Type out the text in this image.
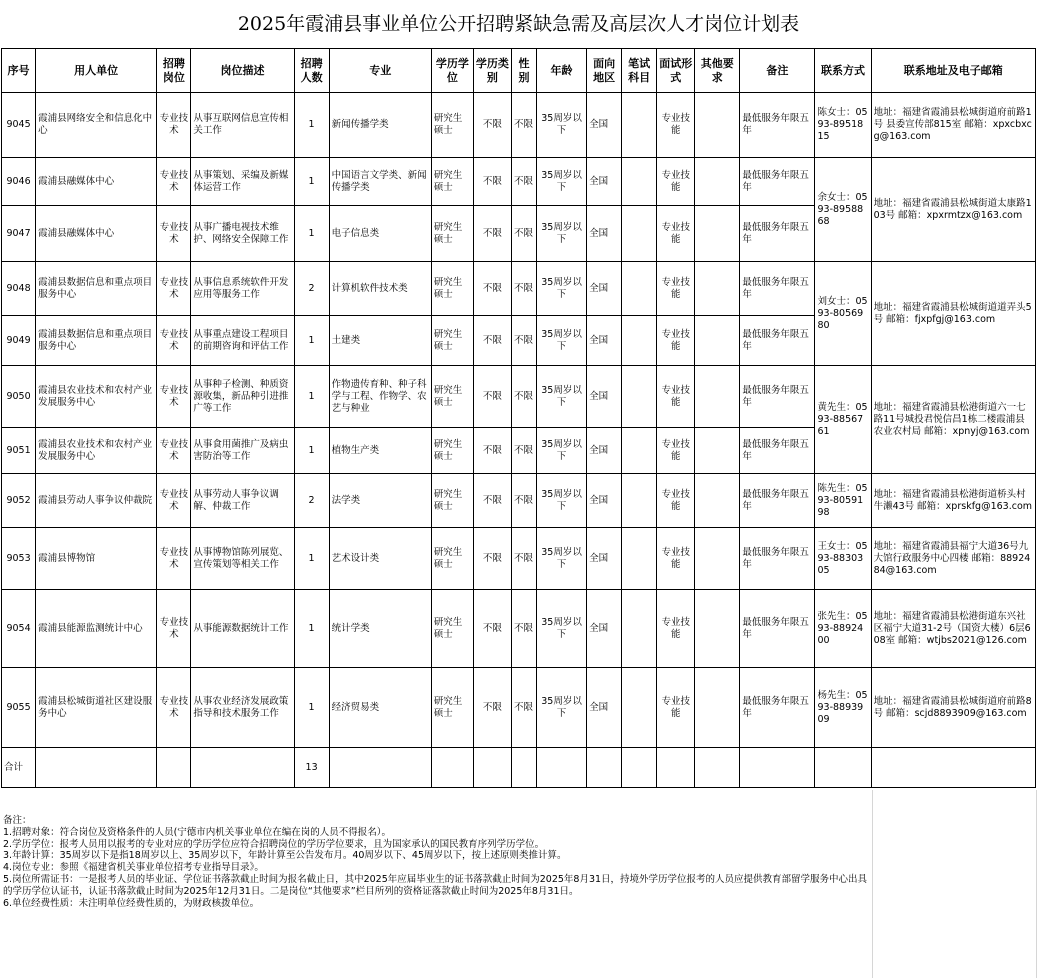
2025年霞浦县事业单位公开招聘紧缺急需及高层次人才岗位计划表
序号	用人单位	招聘岗位	岗位描述	招聘人数	专业	学历学位	学历类别	性别	年龄	面向地区	笔试科目	面试形式	其他要求	备注	联系方式	联系地址及电子邮箱
9045	霞浦县网络安全和信息化中心	专业技术	从事互联网信息宣传相关工作	1	新闻传播学类	研究生硕士	不限	不限	35周岁以下	全国		专业技能		最低服务年限五年	陈女士：0593-8951815	地址：福建省霞浦县松城街道府前路1号 县委宣传部815室 邮箱：xpxcbxcg@163.com
9046	霞浦县融媒体中心	专业技术	从事策划、采编及新媒体运营工作	1	中国语言文学类、新闻传播学类	研究生硕士	不限	不限	35周岁以下	全国		专业技能		最低服务年限五年	余女士：0593-8958868	地址：福建省霞浦县松城街道太康路103号 邮箱：xpxrmtzx@163.com
9047	霞浦县融媒体中心	专业技术	从事广播电视技术维护、网络安全保障工作	1	电子信息类	研究生硕士	不限	不限	35周岁以下	全国		专业技能		最低服务年限五年		
9048	霞浦县数据信息和重点项目服务中心	专业技术	从事信息系统软件开发应用等服务工作	2	计算机软件技术类	研究生硕士	不限	不限	35周岁以下	全国		专业技能		最低服务年限五年	刘女士：0593-8056980	地址：福建省霞浦县松城街道道弄头5号 邮箱：fjxpfgj@163.com
9049	霞浦县数据信息和重点项目服务中心	专业技术	从事重点建设工程项目的前期咨询和评估工作	1	土建类	研究生硕士	不限	不限	35周岁以下	全国		专业技能		最低服务年限五年		
9050	霞浦县农业技术和农村产业发展服务中心	专业技术	从事种子检测、种质资源收集，新品种引进推广等工作	1	作物遗传育种、种子科学与工程、作物学、农艺与种业	研究生硕士	不限	不限	35周岁以下	全国		专业技能		最低服务年限五年	黄先生：0593-8856761	地址：福建省霞浦县松港街道六一七路11号城投君悦信昌1栋二楼霞浦县农业农村局 邮箱：xpnyj@163.com
9051	霞浦县农业技术和农村产业发展服务中心	专业技术	从事食用菌推广及病虫害防治等工作	1	植物生产类	研究生硕士	不限	不限	35周岁以下	全国		专业技能		最低服务年限五年		
9052	霞浦县劳动人事争议仲裁院	专业技术	从事劳动人事争议调解、仲裁工作	2	法学类	研究生硕士	不限	不限	35周岁以下	全国		专业技能		最低服务年限五年	陈先生：0593-8059198	地址：福建省霞浦县松港街道桥头村牛濑43号 邮箱：xprskfg@163.com
9053	霞浦县博物馆	专业技术	从事博物馆陈列展览、宣传策划等相关工作	1	艺术设计类	研究生硕士	不限	不限	35周岁以下	全国		专业技能		最低服务年限五年	王女士：0593-8830305	地址：福建省霞浦县福宁大道36号九大馆行政服务中心四楼 邮箱：8892484@163.com
9054	霞浦县能源监测统计中心	专业技术	从事能源数据统计工作	1	统计学类	研究生硕士	不限	不限	35周岁以下	全国		专业技能		最低服务年限五年	张先生：0593-8892400	地址：福建省霞浦县松港街道东兴社区福宁大道31-2号（国资大楼）6层608室 邮箱：wtjbs2021@126.com
9055	霞浦县松城街道社区建设服务中心	专业技术	从事农业经济发展政策指导和技术服务工作	1	经济贸易类	研究生硕士	不限	不限	35周岁以下	全国		专业技能		最低服务年限五年	杨先生：0593-8893909	地址：福建省霞浦县松城街道府前路8号 邮箱：scjd8893909@163.com
合计				13												
备注：
1.招聘对象：符合岗位及资格条件的人员(宁德市内机关事业单位在编在岗的人员不得报名）。
2.学历学位：报考人员用以报考的专业对应的学历学位应符合招聘岗位的学历学位要求，且为国家承认的国民教育序列学历学位。
3.年龄计算：35周岁以下是指18周岁以上、35周岁以下，年龄计算至公告发布月。40周岁以下、45周岁以下，按上述原则类推计算。
4.岗位专业：参照《福建省机关事业单位招考专业指导目录》。
5.岗位所需证书：一是报考人员的毕业证、学位证书落款截止时间为报名截止日，其中2025年应届毕业生的证书落款截止时间为2025年8月31日，持境外学历学位报考的人员应提供教育部留学服务中心出具的学历学位认证书，认证书落款截止时间为2025年12月31日。二是岗位“其他要求”栏目所列的资格证落款截止时间为2025年8月31日。
6.单位经费性质：未注明单位经费性质的，为财政核拨单位。
